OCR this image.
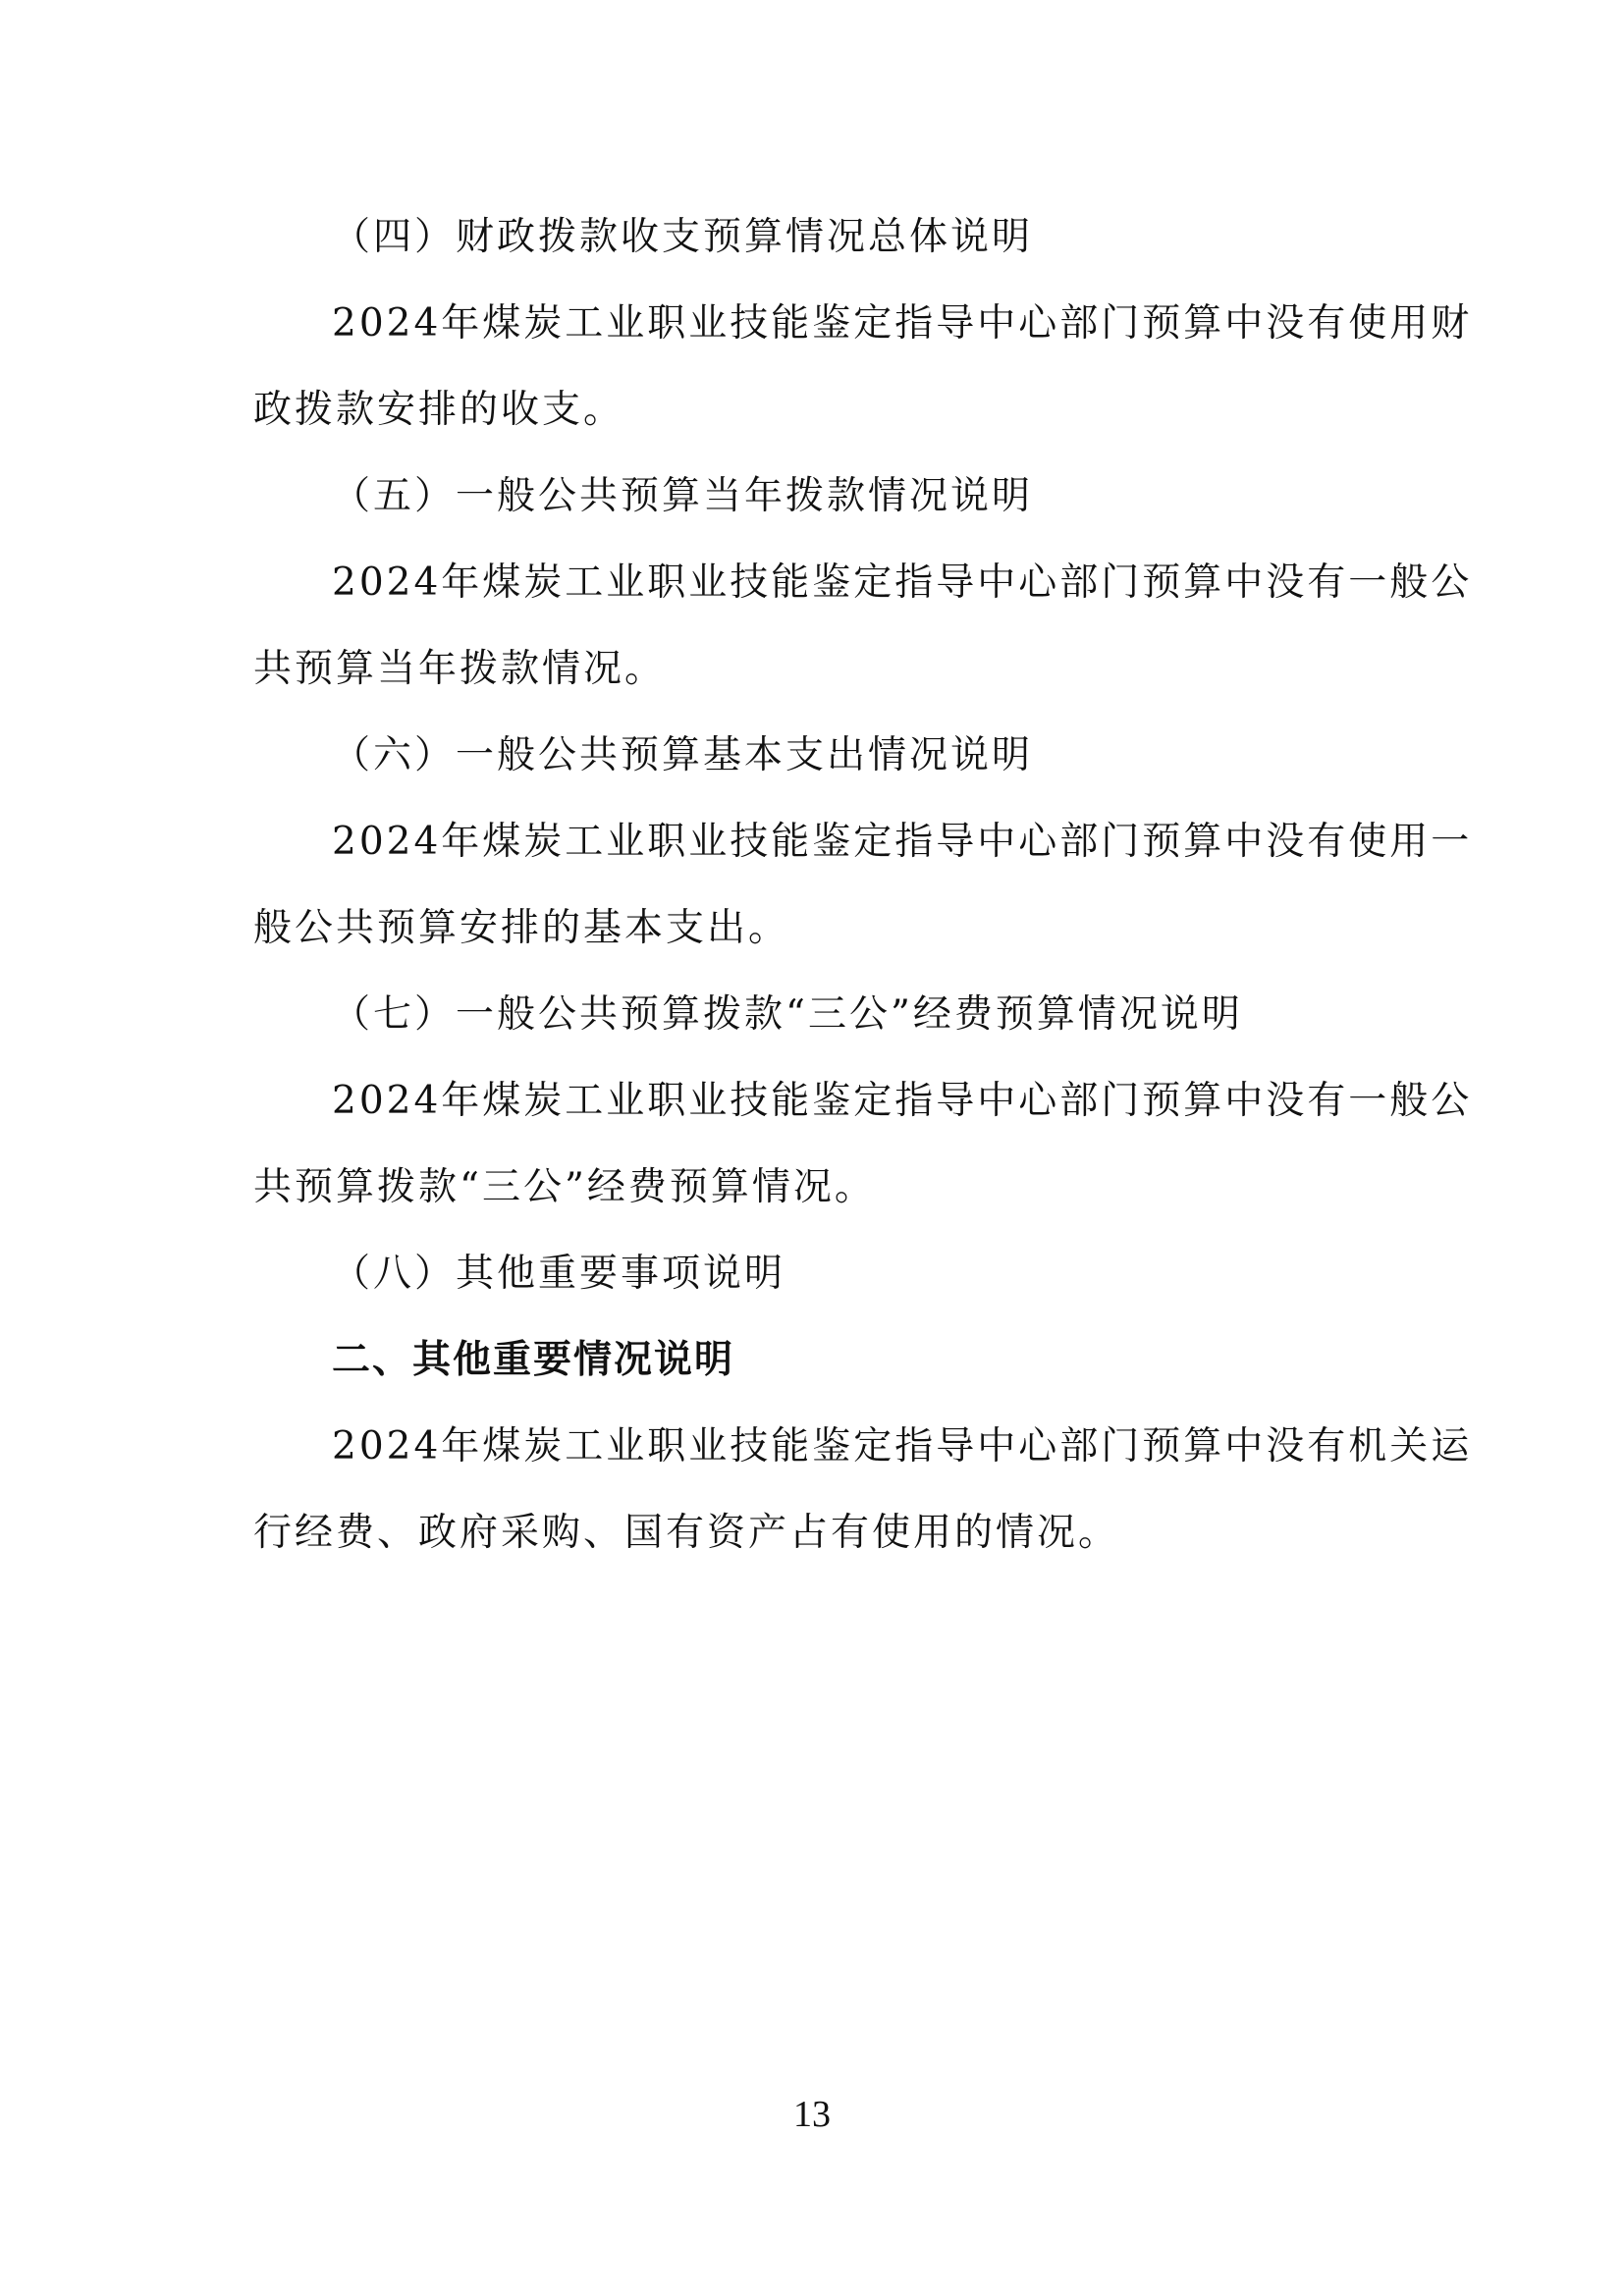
（四）财政拨款收支预算情况总体说明
2024年煤炭工业职业技能鉴定指导中心部门预算中没有使用财
政拨款安排的收支。
（五）一般公共预算当年拨款情况说明
2024年煤炭工业职业技能鉴定指导中心部门预算中没有一般公
共预算当年拨款情况。
（六）一般公共预算基本支出情况说明
2024年煤炭工业职业技能鉴定指导中心部门预算中没有使用一
般公共预算安排的基本支出。
（七）一般公共预算拨款“三公”经费预算情况说明
2024年煤炭工业职业技能鉴定指导中心部门预算中没有一般公
共预算拨款“三公”经费预算情况。
（八）其他重要事项说明
二、其他重要情况说明
2024年煤炭工业职业技能鉴定指导中心部门预算中没有机关运
行经费、政府采购、国有资产占有使用的情况。
13
